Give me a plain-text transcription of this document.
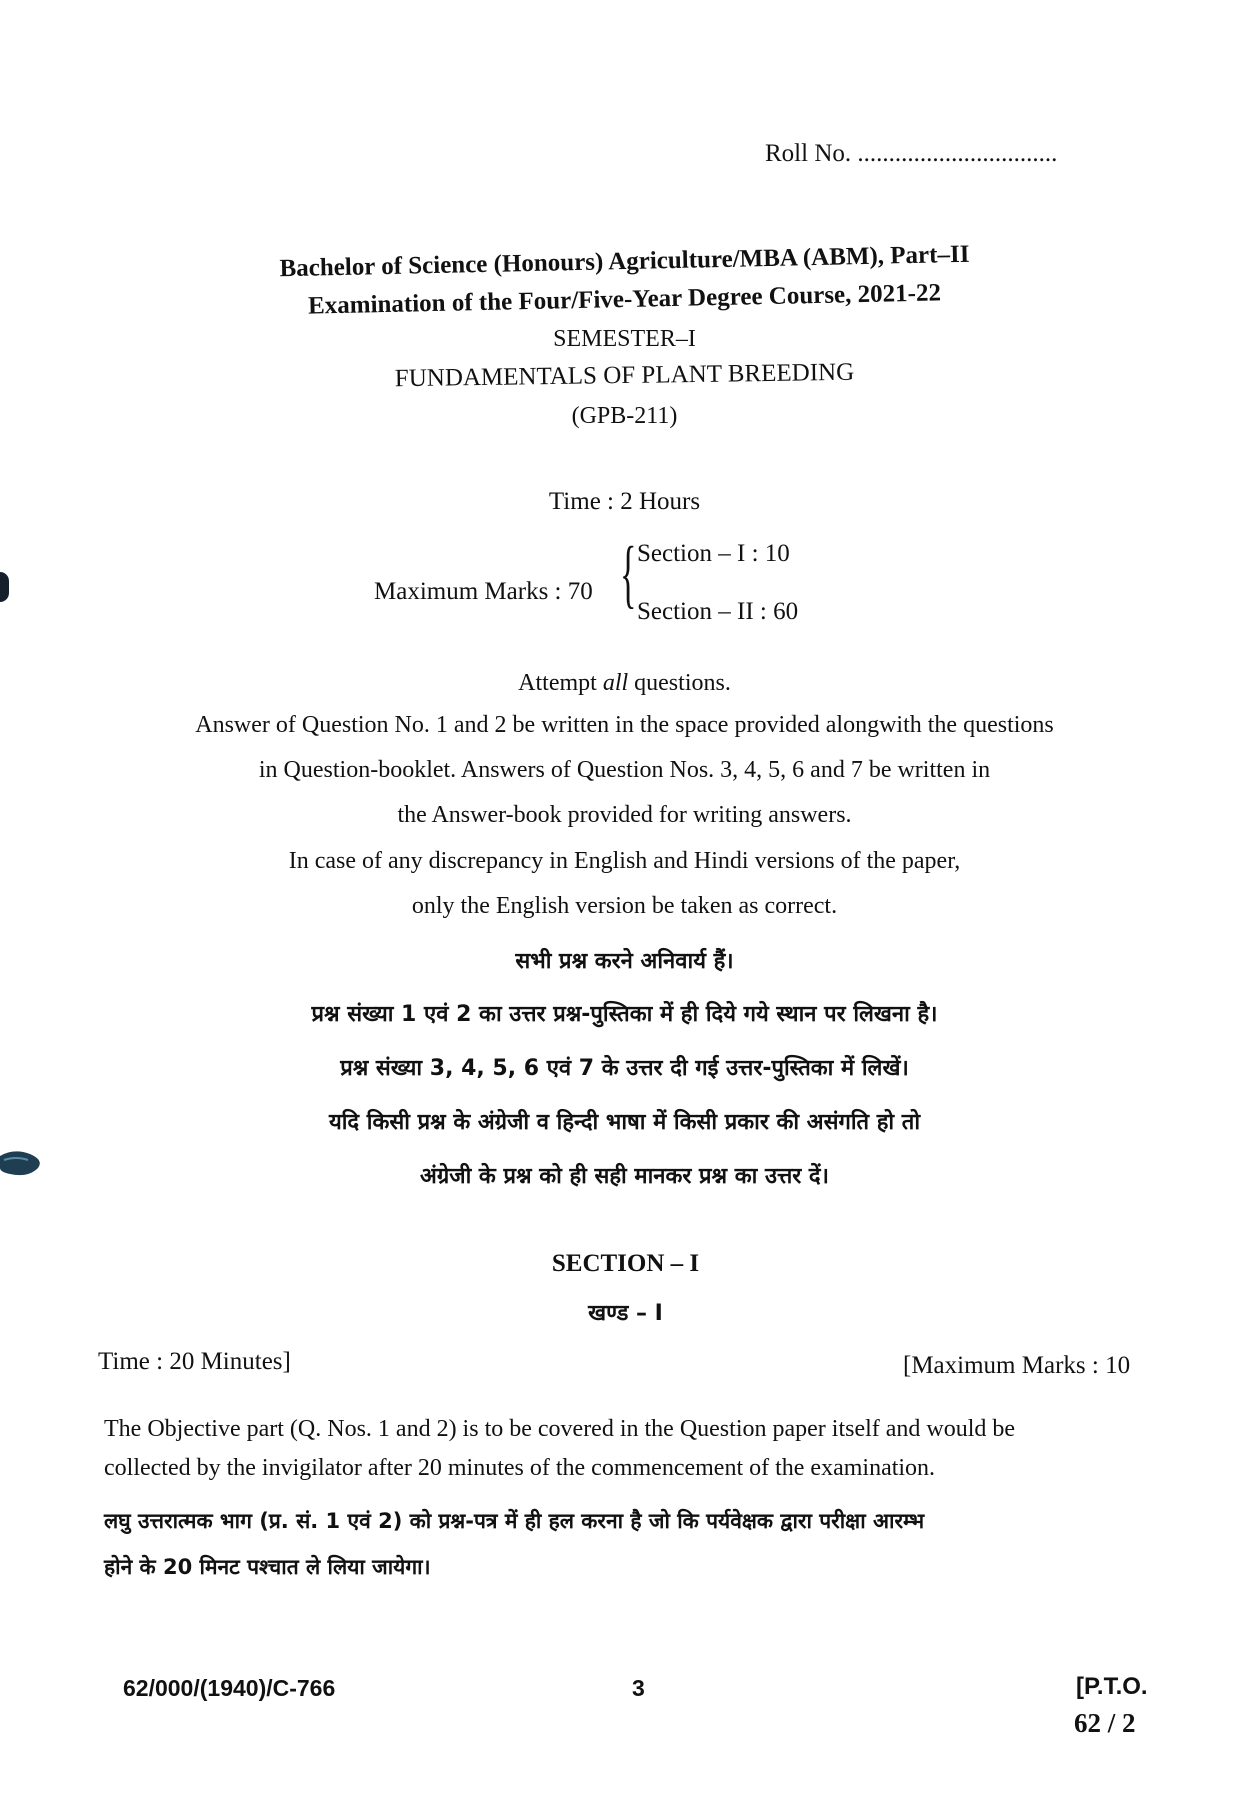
Roll No. ................................
Bachelor of Science (Honours) Agriculture/MBA (ABM), Part–II
Examination of the Four/Five-Year Degree Course, 2021-22
SEMESTER–I
FUNDAMENTALS OF PLANT BREEDING
(GPB-211)
Time : 2 Hours
Maximum Marks : 70 { Section – I : 10
Section – II : 60
Attempt all questions.
Answer of Question No. 1 and 2 be written in the space provided alongwith the questions
in Question-booklet. Answers of Question Nos. 3, 4, 5, 6 and 7 be written in
the Answer-book provided for writing answers.
In case of any discrepancy in English and Hindi versions of the paper,
only the English version be taken as correct.
सभी प्रश्न करने अनिवार्य हैं।
प्रश्न संख्या 1 एवं 2 का उत्तर प्रश्न-पुस्तिका में ही दिये गये स्थान पर लिखना है।
प्रश्न संख्या 3, 4, 5, 6 एवं 7 के उत्तर दी गई उत्तर-पुस्तिका में लिखें।
यदि किसी प्रश्न के अंग्रेजी व हिन्दी भाषा में किसी प्रकार की असंगति हो तो
अंग्रेजी के प्रश्न को ही सही मानकर प्रश्न का उत्तर दें।
SECTION – I
खण्ड – I
Time : 20 Minutes]	[Maximum Marks : 10
The Objective part (Q. Nos. 1 and 2) is to be covered in the Question paper itself and would be
collected by the invigilator after 20 minutes of the commencement of the examination.
लघु उत्तरात्मक भाग (प्र. सं. 1 एवं 2) को प्रश्न-पत्र में ही हल करना है जो कि पर्यवेक्षक द्वारा परीक्षा आरम्भ
होने के 20 मिनट पश्चात ले लिया जायेगा।
62/000/(1940)/C-766	3	[P.T.O.
62 / 2
